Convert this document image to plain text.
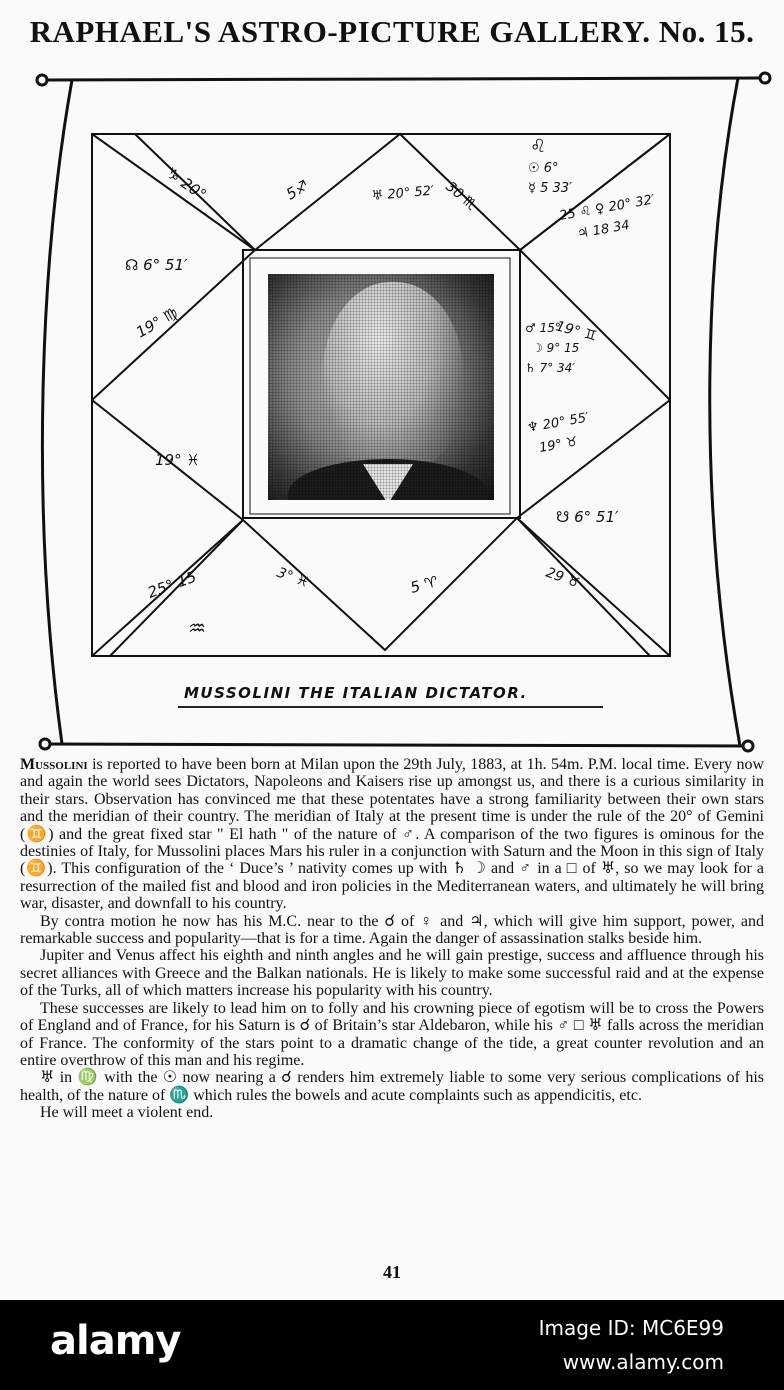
RAPHAEL'S ASTRO-PICTURE GALLERY. No. 15.
♑ 20°	5♐	♅ 20° 52′ 30 ♏
♌
☉ 6°
☿ 5 33′
25 ♌ ♀ 20° 32′
♃ 18 34
☊ 6° 51′
19° ♍	19° ♊
♂ 15°
☽ 9° 15
♄ 7° 34′
♆ 20° 55′
19° ♉
19° ♓
☋ 6° 51′
25° 15	3° ♓	5 ♈	29 ♉
♒
MUSSOLINI THE ITALIAN DICTATOR.

Mussolini is reported to have been born at Milan upon the 29th July, 1883, at 1h. 54m. P.M. local time. Every now and again the world sees Dictators, Napoleons and Kaisers rise up amongst us, and there is a curious similarity in their stars. Observation has convinced me that these potentates have a strong familiarity between their own stars and the meridian of their country. The meridian of Italy at the present time is under the rule of the 20° of Gemini (♊) and the great fixed star " El hath " of the nature of ♂. A comparison of the two figures is ominous for the destinies of Italy, for Mussolini places Mars his ruler in a conjunction with Saturn and the Moon in this sign of Italy (♊). This configuration of the ‘ Duce’s ’ nativity comes up with ♄ ☽ and ♂ in a □ of ♅, so we may look for a resurrection of the mailed fist and blood and iron policies in the Mediterranean waters, and ultimately he will bring war, disaster, and downfall to his country.

By contra motion he now has his M.C. near to the ☌ of ♀ and ♃, which will give him support, power, and remarkable success and popularity—that is for a time. Again the danger of assassination stalks beside him.

Jupiter and Venus affect his eighth and ninth angles and he will gain prestige, success and affluence through his secret alliances with Greece and the Balkan nationals. He is likely to make some successful raid and at the expense of the Turks, all of which matters increase his popularity with his country.

These successes are likely to lead him on to folly and his crowning piece of egotism will be to cross the Powers of England and of France, for his Saturn is ☌ of Britain’s star Aldebaron, while his ♂ □ ♅ falls across the meridian of France. The conformity of the stars point to a dramatic change of the tide, a great counter revolution and an entire overthrow of this man and his regime.

♅ in ♍ with the ☉ now nearing a ☌ renders him extremely liable to some very serious complications of his health, of the nature of ♏ which rules the bowels and acute complaints such as appendicitis, etc.

He will meet a violent end.

41
alamy	Image ID: MC6E99
www.alamy.com
